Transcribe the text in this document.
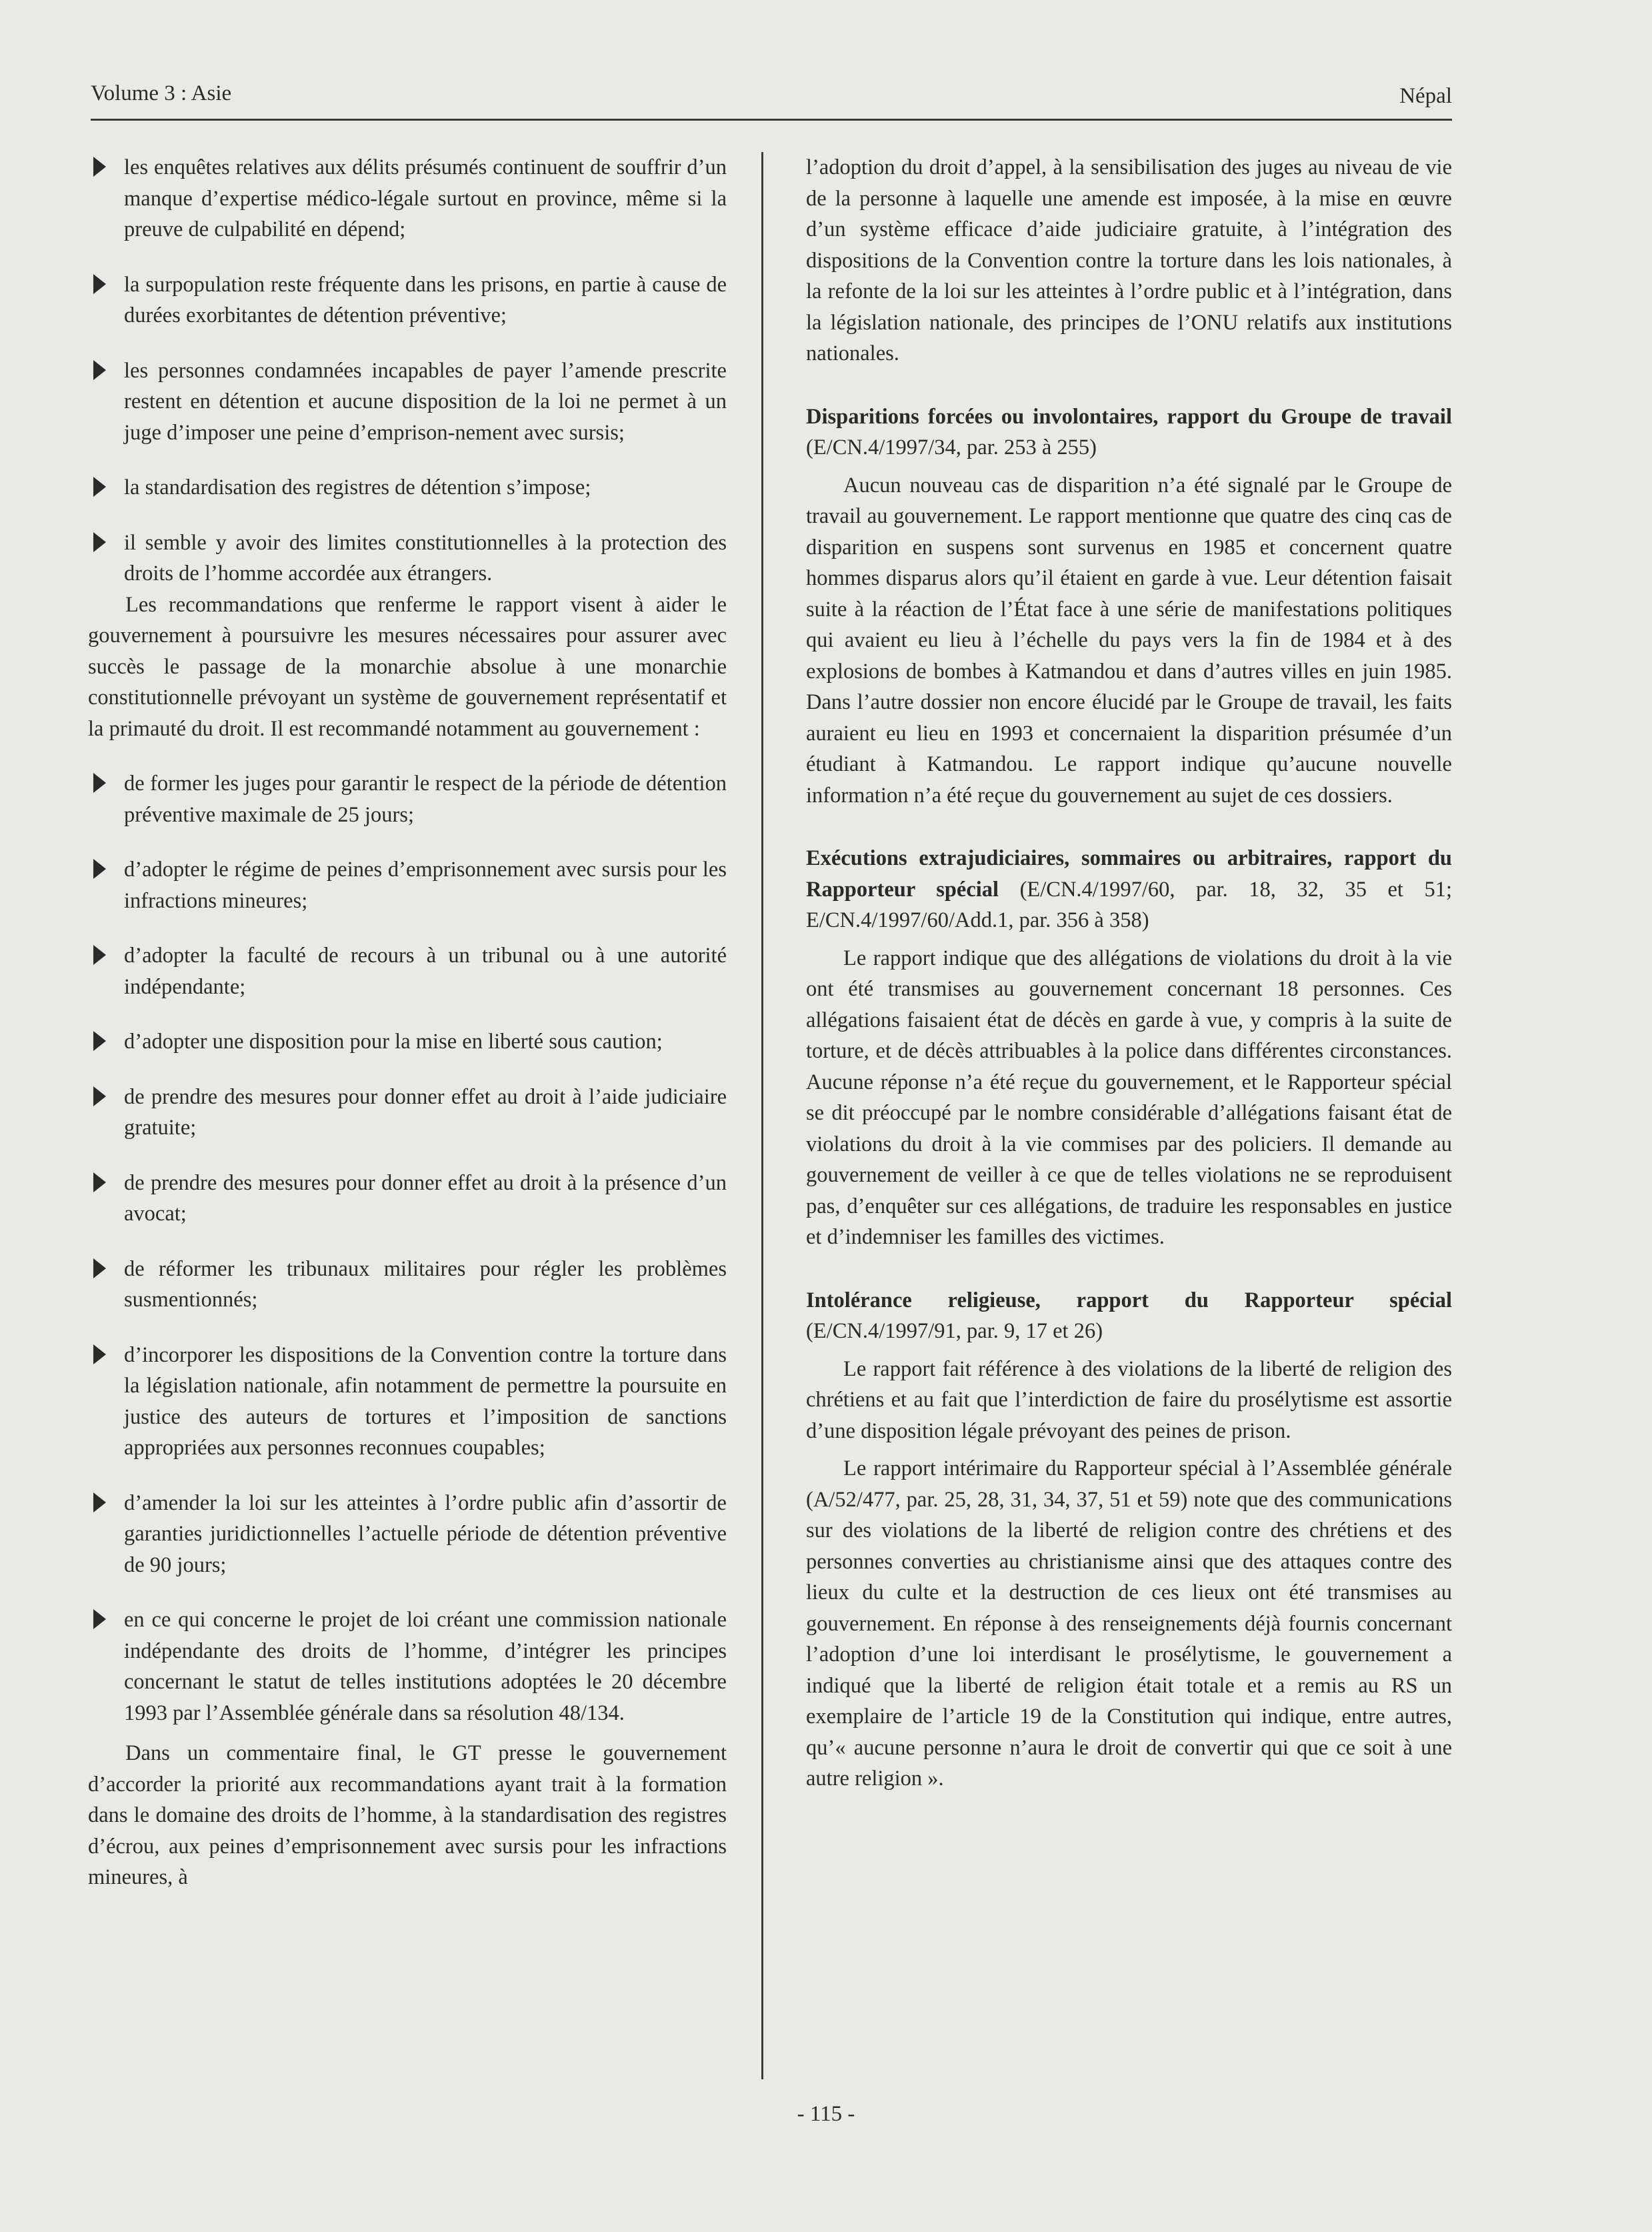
Volume 3 : Asie	Népal

les enquêtes relatives aux délits présumés continuent de souffrir d’un manque d’expertise médico-légale surtout en province, même si la preuve de culpabilité en dépend;

la surpopulation reste fréquente dans les prisons, en partie à cause de durées exorbitantes de détention préventive;

les personnes condamnées incapables de payer l’amende prescrite restent en détention et aucune disposition de la loi ne permet à un juge d’imposer une peine d’emprison-nement avec sursis;

la standardisation des registres de détention s’impose;

il semble y avoir des limites constitutionnelles à la protection des droits de l’homme accordée aux étrangers.

Les recommandations que renferme le rapport visent à aider le gouvernement à poursuivre les mesures nécessaires pour assurer avec succès le passage de la monarchie absolue à une monarchie constitutionnelle prévoyant un système de gouvernement représentatif et la primauté du droit. Il est recommandé notamment au gouvernement :

de former les juges pour garantir le respect de la période de détention préventive maximale de 25 jours;

d’adopter le régime de peines d’emprisonnement avec sursis pour les infractions mineures;

d’adopter la faculté de recours à un tribunal ou à une autorité indépendante;

d’adopter une disposition pour la mise en liberté sous caution;

de prendre des mesures pour donner effet au droit à l’aide judiciaire gratuite;

de prendre des mesures pour donner effet au droit à la présence d’un avocat;

de réformer les tribunaux militaires pour régler les problèmes susmentionnés;

d’incorporer les dispositions de la Convention contre la torture dans la législation nationale, afin notamment de permettre la poursuite en justice des auteurs de tortures et l’imposition de sanctions appropriées aux personnes reconnues coupables;

d’amender la loi sur les atteintes à l’ordre public afin d’assortir de garanties juridictionnelles l’actuelle période de détention préventive de 90 jours;

en ce qui concerne le projet de loi créant une commission nationale indépendante des droits de l’homme, d’intégrer les principes concernant le statut de telles institutions adoptées le 20 décembre 1993 par l’Assemblée générale dans sa résolution 48/134.

Dans un commentaire final, le GT presse le gouvernement d’accorder la priorité aux recommandations ayant trait à la formation dans le domaine des droits de l’homme, à la standardisation des registres d’écrou, aux peines d’emprisonnement avec sursis pour les infractions mineures, à

l’adoption du droit d’appel, à la sensibilisation des juges au niveau de vie de la personne à laquelle une amende est imposée, à la mise en œuvre d’un système efficace d’aide judiciaire gratuite, à l’intégration des dispositions de la Convention contre la torture dans les lois nationales, à la refonte de la loi sur les atteintes à l’ordre public et à l’intégration, dans la législation nationale, des principes de l’ONU relatifs aux institutions nationales.

Disparitions forcées ou involontaires, rapport du Groupe de travail (E/CN.4/1997/34, par. 253 à 255)

Aucun nouveau cas de disparition n’a été signalé par le Groupe de travail au gouvernement. Le rapport mentionne que quatre des cinq cas de disparition en suspens sont survenus en 1985 et concernent quatre hommes disparus alors qu’il étaient en garde à vue. Leur détention faisait suite à la réaction de l’État face à une série de manifestations politiques qui avaient eu lieu à l’échelle du pays vers la fin de 1984 et à des explosions de bombes à Katmandou et dans d’autres villes en juin 1985. Dans l’autre dossier non encore élucidé par le Groupe de travail, les faits auraient eu lieu en 1993 et concernaient la disparition présumée d’un étudiant à Katmandou. Le rapport indique qu’aucune nouvelle information n’a été reçue du gouvernement au sujet de ces dossiers.

Exécutions extrajudiciaires, sommaires ou arbitraires, rapport du Rapporteur spécial (E/CN.4/1997/60, par. 18, 32, 35 et 51; E/CN.4/1997/60/Add.1, par. 356 à 358)

Le rapport indique que des allégations de violations du droit à la vie ont été transmises au gouvernement concernant 18 personnes. Ces allégations faisaient état de décès en garde à vue, y compris à la suite de torture, et de décès attribuables à la police dans différentes circonstances. Aucune réponse n’a été reçue du gouvernement, et le Rapporteur spécial se dit préoccupé par le nombre considérable d’allégations faisant état de violations du droit à la vie commises par des policiers. Il demande au gouvernement de veiller à ce que de telles violations ne se reproduisent pas, d’enquêter sur ces allégations, de traduire les responsables en justice et d’indemniser les familles des victimes.

Intolérance religieuse, rapport du Rapporteur spécial (E/CN.4/1997/91, par. 9, 17 et 26)

Le rapport fait référence à des violations de la liberté de religion des chrétiens et au fait que l’interdiction de faire du prosélytisme est assortie d’une disposition légale prévoyant des peines de prison.

Le rapport intérimaire du Rapporteur spécial à l’Assemblée générale (A/52/477, par. 25, 28, 31, 34, 37, 51 et 59) note que des communications sur des violations de la liberté de religion contre des chrétiens et des personnes converties au christianisme ainsi que des attaques contre des lieux du culte et la destruction de ces lieux ont été transmises au gouvernement. En réponse à des renseignements déjà fournis concernant l’adoption d’une loi interdisant le prosélytisme, le gouvernement a indiqué que la liberté de religion était totale et a remis au RS un exemplaire de l’article 19 de la Constitution qui indique, entre autres, qu’« aucune personne n’aura le droit de convertir qui que ce soit à une autre religion ».

- 115 -
